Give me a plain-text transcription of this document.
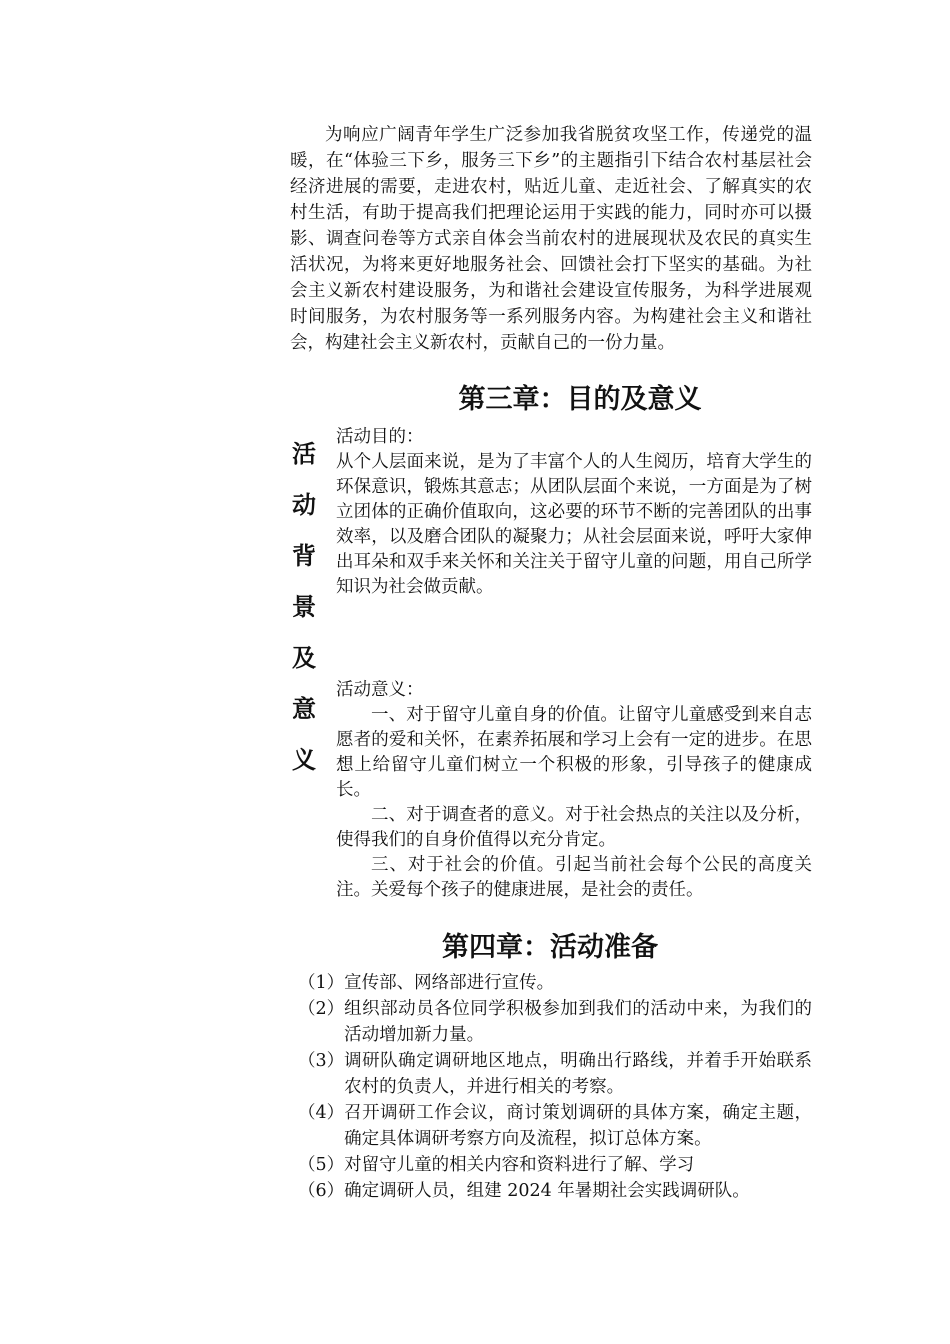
为响应广阔青年学生广泛参加我省脱贫攻坚工作，传递党的温暖，在“体验三下乡，服务三下乡”的主题指引下结合农村基层社会经济进展的需要，走进农村，贴近儿童、走近社会、了解真实的农村生活，有助于提高我们把理论运用于实践的能力，同时亦可以摄影、调查问卷等方式亲自体会当前农村的进展现状及农民的真实生活状况，为将来更好地服务社会、回馈社会打下坚实的基础。为社会主义新农村建设服务，为和谐社会建设宣传服务，为科学进展观时间服务，为农村服务等一系列服务内容。为构建社会主义和谐社会，构建社会主义新农村，贡献自己的一份力量。

第三章：目的及意义
活
动
背
景
及
意
义

活动目的：

从个人层面来说，是为了丰富个人的人生阅历，培育大学生的环保意识，锻炼其意志；从团队层面个来说，一方面是为了树立团体的正确价值取向，这必要的环节不断的完善团队的出事效率，以及磨合团队的凝聚力；从社会层面来说，呼吁大家伸出耳朵和双手来关怀和关注关于留守儿童的问题，用自己所学知识为社会做贡献。

活动意义：

一、对于留守儿童自身的价值。让留守儿童感受到来自志愿者的爱和关怀，在素养拓展和学习上会有一定的进步。在思想上给留守儿童们树立一个积极的形象，引导孩子的健康成长。

二、对于调查者的意义。对于社会热点的关注以及分析，使得我们的自身价值得以充分肯定。

三、对于社会的价值。引起当前社会每个公民的高度关注。关爱每个孩子的健康进展，是社会的责任。

第四章：活动准备
（1） 宣传部、网络部进行宣传。
（2） 组织部动员各位同学积极参加到我们的活动中来，为我们的活动增加新力量。
（3） 调研队确定调研地区地点，明确出行路线，并着手开始联系农村的负责人，并进行相关的考察。
（4） 召开调研工作会议，商讨策划调研的具体方案，确定主题，确定具体调研考察方向及流程，拟订总体方案。
（5） 对留守儿童的相关内容和资料进行了解、学习
（6） 确定调研人员，组建 2024 年暑期社会实践调研队。
